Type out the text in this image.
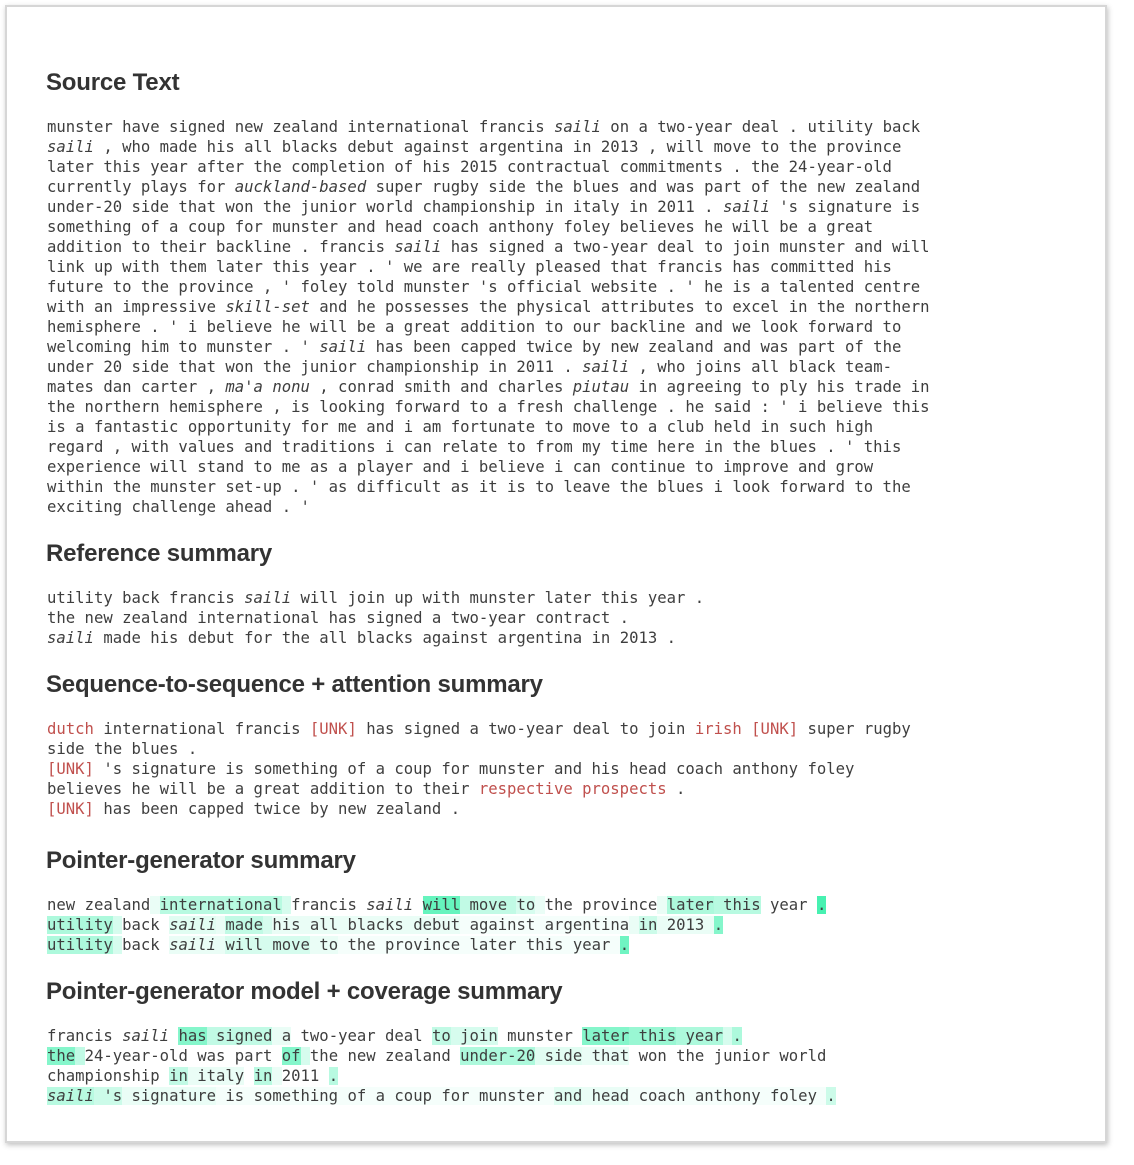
Source Text
munster have signed new zealand international francis saili on a two-year deal . utility back
saili , who made his all blacks debut against argentina in 2013 , will move to the province
later this year after the completion of his 2015 contractual commitments . the 24-year-old
currently plays for auckland-based super rugby side the blues and was part of the new zealand
under-20 side that won the junior world championship in italy in 2011 . saili 's signature is
something of a coup for munster and head coach anthony foley believes he will be a great
addition to their backline . francis saili has signed a two-year deal to join munster and will
link up with them later this year . ' we are really pleased that francis has committed his
future to the province , ' foley told munster 's official website . ' he is a talented centre
with an impressive skill-set and he possesses the physical attributes to excel in the northern
hemisphere . ' i believe he will be a great addition to our backline and we look forward to
welcoming him to munster . ' saili has been capped twice by new zealand and was part of the
under 20 side that won the junior championship in 2011 . saili , who joins all black team-
mates dan carter , ma'a nonu , conrad smith and charles piutau in agreeing to ply his trade in
the northern hemisphere , is looking forward to a fresh challenge . he said : ' i believe this
is a fantastic opportunity for me and i am fortunate to move to a club held in such high
regard , with values and traditions i can relate to from my time here in the blues . ' this
experience will stand to me as a player and i believe i can continue to improve and grow
within the munster set-up . ' as difficult as it is to leave the blues i look forward to the
exciting challenge ahead . '
Reference summary
utility back francis saili will join up with munster later this year .
the new zealand international has signed a two-year contract .
saili made his debut for the all blacks against argentina in 2013 .
Sequence-to-sequence + attention summary
dutch international francis [UNK] has signed a two-year deal to join irish [UNK] super rugby
side the blues .
[UNK] 's signature is something of a coup for munster and his head coach anthony foley
believes he will be a great addition to their respective prospects .
[UNK] has been capped twice by new zealand .
Pointer-generator summary
new zealand international francis saili will move to the province later this year .
utility back saili made his all blacks debut against argentina in 2013 .
utility back saili will move to the province later this year .
Pointer-generator model + coverage summary
francis saili has signed a two-year deal to join munster later this year .
the 24-year-old was part of the new zealand under-20 side that won the junior world
championship in italy in 2011 .
saili 's signature is something of a coup for munster and head coach anthony foley .
